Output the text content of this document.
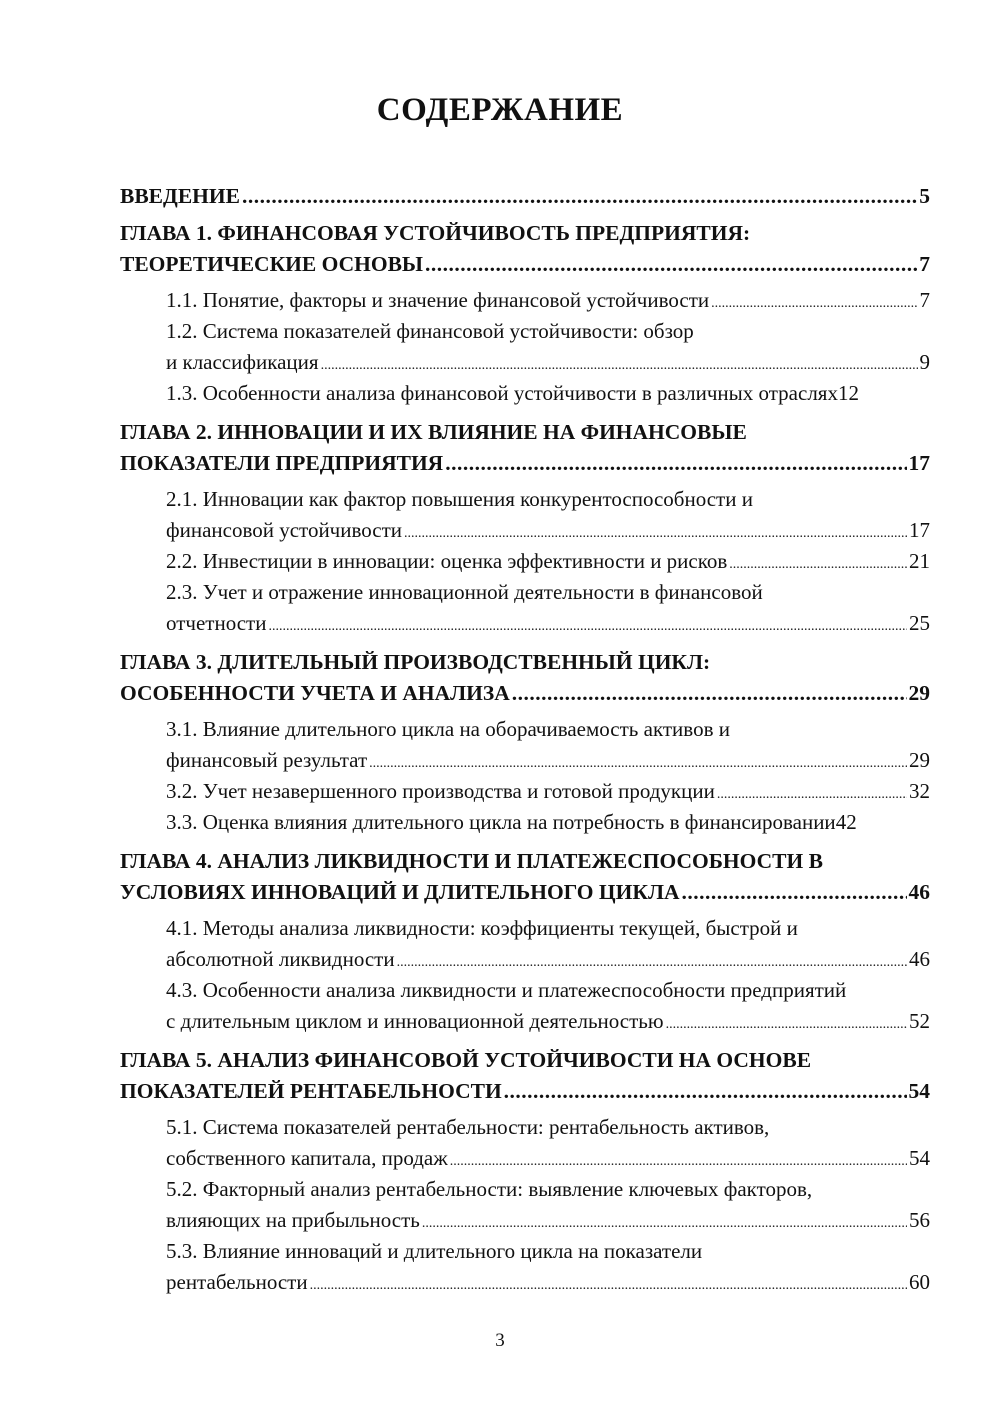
СОДЕРЖАНИЕ
ВВЕДЕНИЕ .....	5
ГЛАВА 1. ФИНАНСОВАЯ УСТОЙЧИВОСТЬ ПРЕДПРИЯТИЯ:
ТЕОРЕТИЧЕСКИЕ ОСНОВЫ .....	7
1.1. Понятие, факторы и значение финансовой устойчивости .....	7
1.2. Система показателей финансовой устойчивости: обзор
и классификация .....	9
1.3. Особенности анализа финансовой устойчивости в различных отраслях 12
ГЛАВА 2. ИННОВАЦИИ И ИХ ВЛИЯНИЕ НА ФИНАНСОВЫЕ
ПОКАЗАТЕЛИ ПРЕДПРИЯТИЯ .....	17
2.1. Инновации как фактор повышения конкурентоспособности и
финансовой устойчивости .....	17
2.2. Инвестиции в инновации: оценка эффективности и рисков .....	21
2.3. Учет и отражение инновационной деятельности в финансовой
отчетности .....	25
ГЛАВА 3. ДЛИТЕЛЬНЫЙ ПРОИЗВОДСТВЕННЫЙ ЦИКЛ:
ОСОБЕННОСТИ УЧЕТА И АНАЛИЗА .....	29
3.1. Влияние длительного цикла на оборачиваемость активов и
финансовый результат .....	29
3.2. Учет незавершенного производства и готовой продукции .....	32
3.3. Оценка влияния длительного цикла на потребность в финансировании 42
ГЛАВА 4. АНАЛИЗ ЛИКВИДНОСТИ И ПЛАТЕЖЕСПОСОБНОСТИ В
УСЛОВИЯХ ИННОВАЦИЙ И ДЛИТЕЛЬНОГО ЦИКЛА .....	46
4.1. Методы анализа ликвидности: коэффициенты текущей, быстрой и
абсолютной ликвидности .....	46
4.3. Особенности анализа ликвидности и платежеспособности предприятий
с длительным циклом и инновационной деятельностью .....	52
ГЛАВА 5. АНАЛИЗ ФИНАНСОВОЙ УСТОЙЧИВОСТИ НА ОСНОВЕ
ПОКАЗАТЕЛЕЙ РЕНТАБЕЛЬНОСТИ .....	54
5.1. Система показателей рентабельности: рентабельность активов,
собственного капитала, продаж .....	54
5.2. Факторный анализ рентабельности: выявление ключевых факторов,
влияющих на прибыльность .....	56
5.3. Влияние инноваций и длительного цикла на показатели
рентабельности .....	60
3
